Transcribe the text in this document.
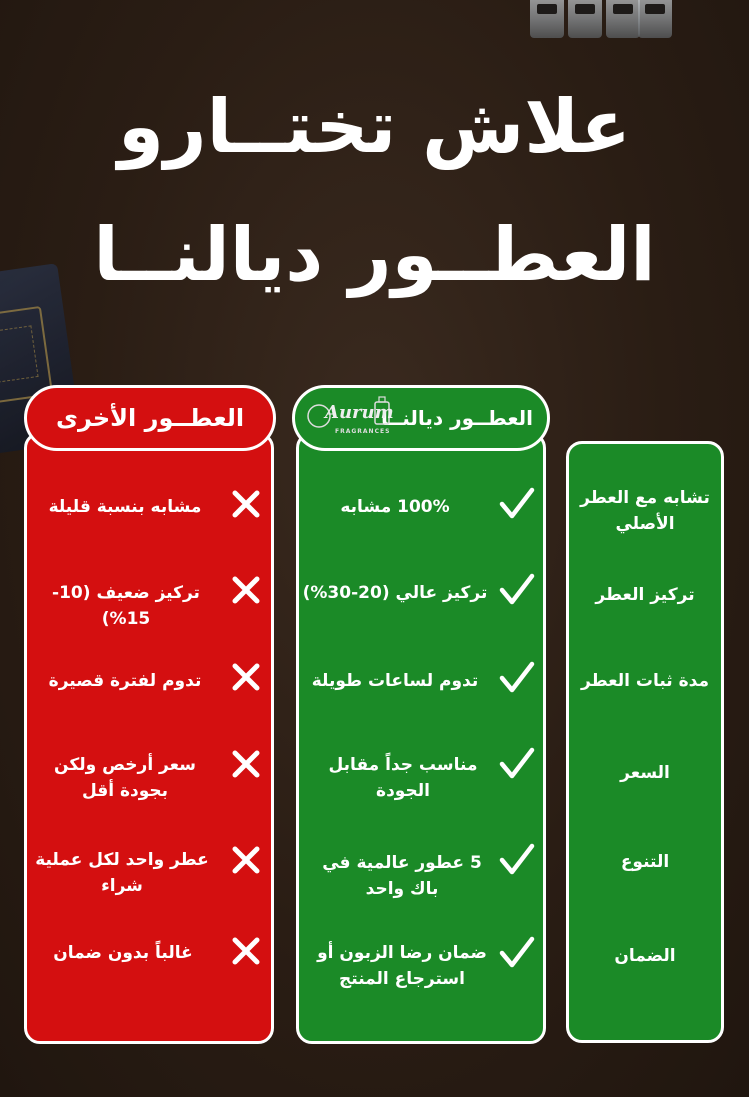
علاش تختــارو
العطــور ديالنــا
العطــور الأخرى	العطــور ديالنــا
Aurum
FRAGRANCES
تشابه مع العطر الأصلي
تركيز العطر
مدة ثبات العطر
السعر
التنوع
الضمان
100% مشابه
تركيز عالي (20-30%)
تدوم لساعات طويلة
مناسب جداً مقابل الجودة
5 عطور عالمية في باك واحد
ضمان رضا الزبون أو استرجاع المنتج
مشابه بنسبة قليلة
تركيز ضعيف (10-15%)
تدوم لفترة قصيرة
سعر أرخص ولكن بجودة أقل
عطر واحد لكل عملية شراء
غالباً بدون ضمان
